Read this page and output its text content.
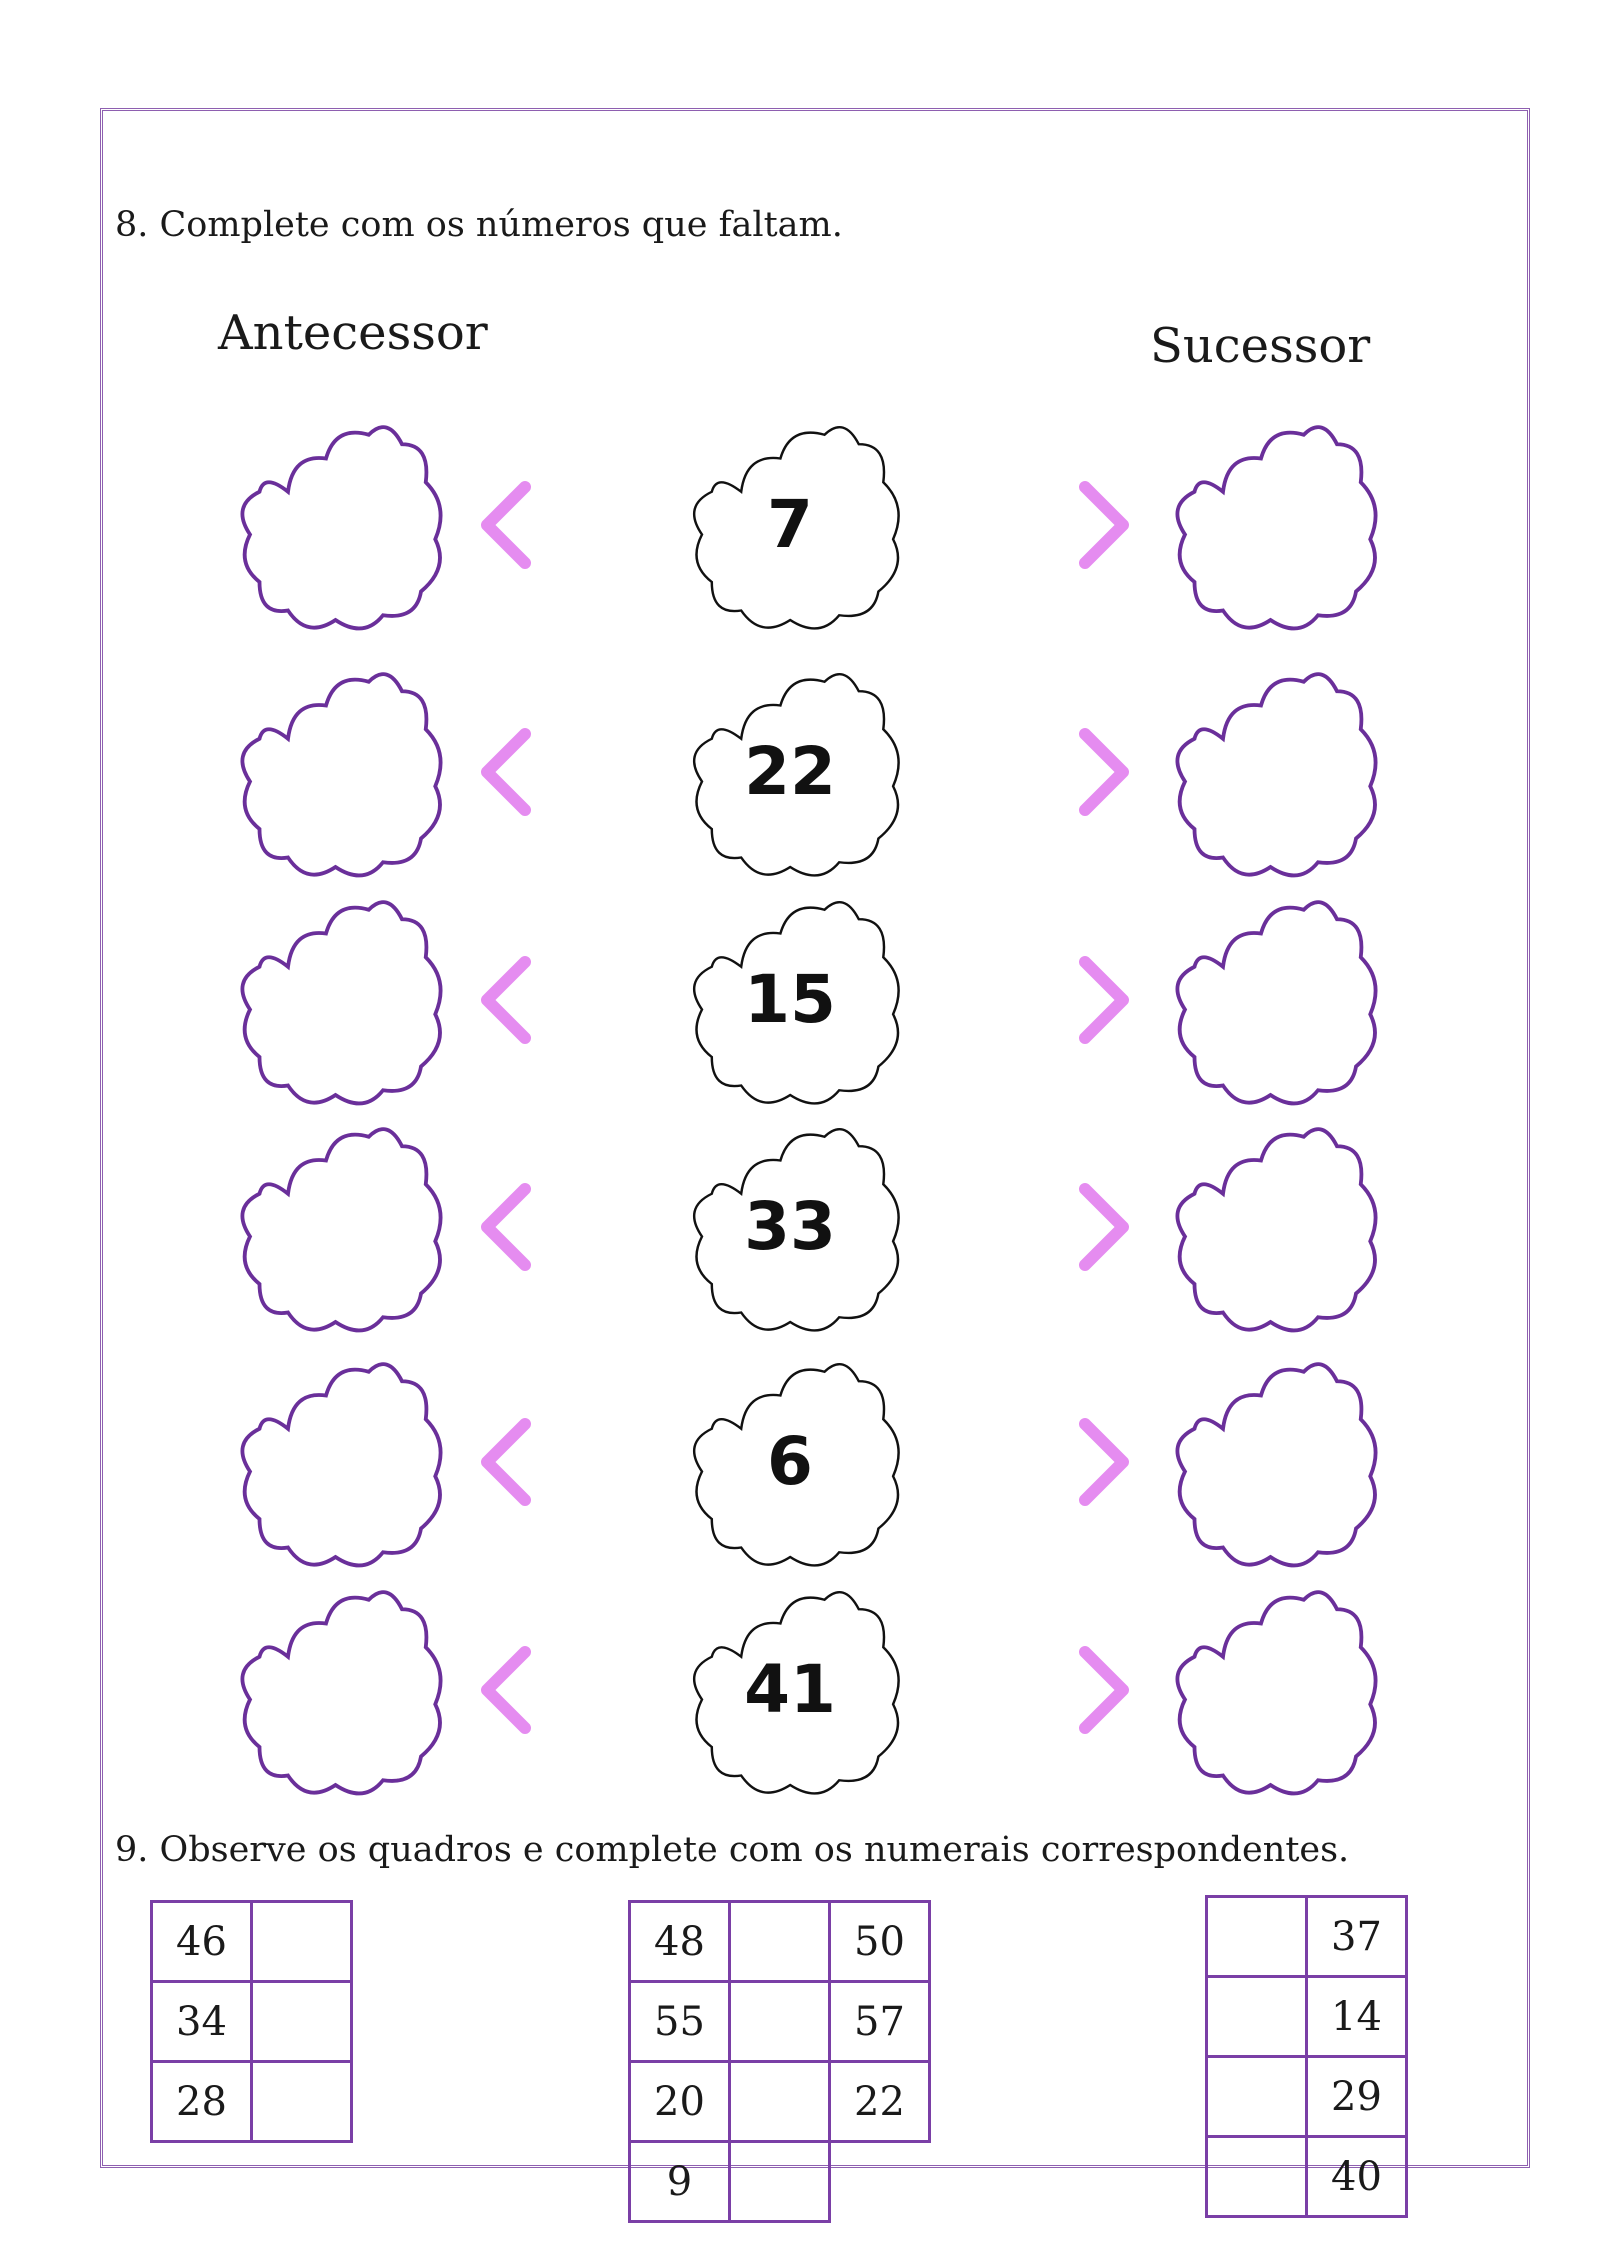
8. Complete com os números que faltam.
Antecessor	Sucessor
7
22
15
33
6
41
9. Observe os quadros e complete com os numerais correspondentes.
46	
34	
28	
48		50
55		57
20		22
9	
	37
	14
	29
	40
